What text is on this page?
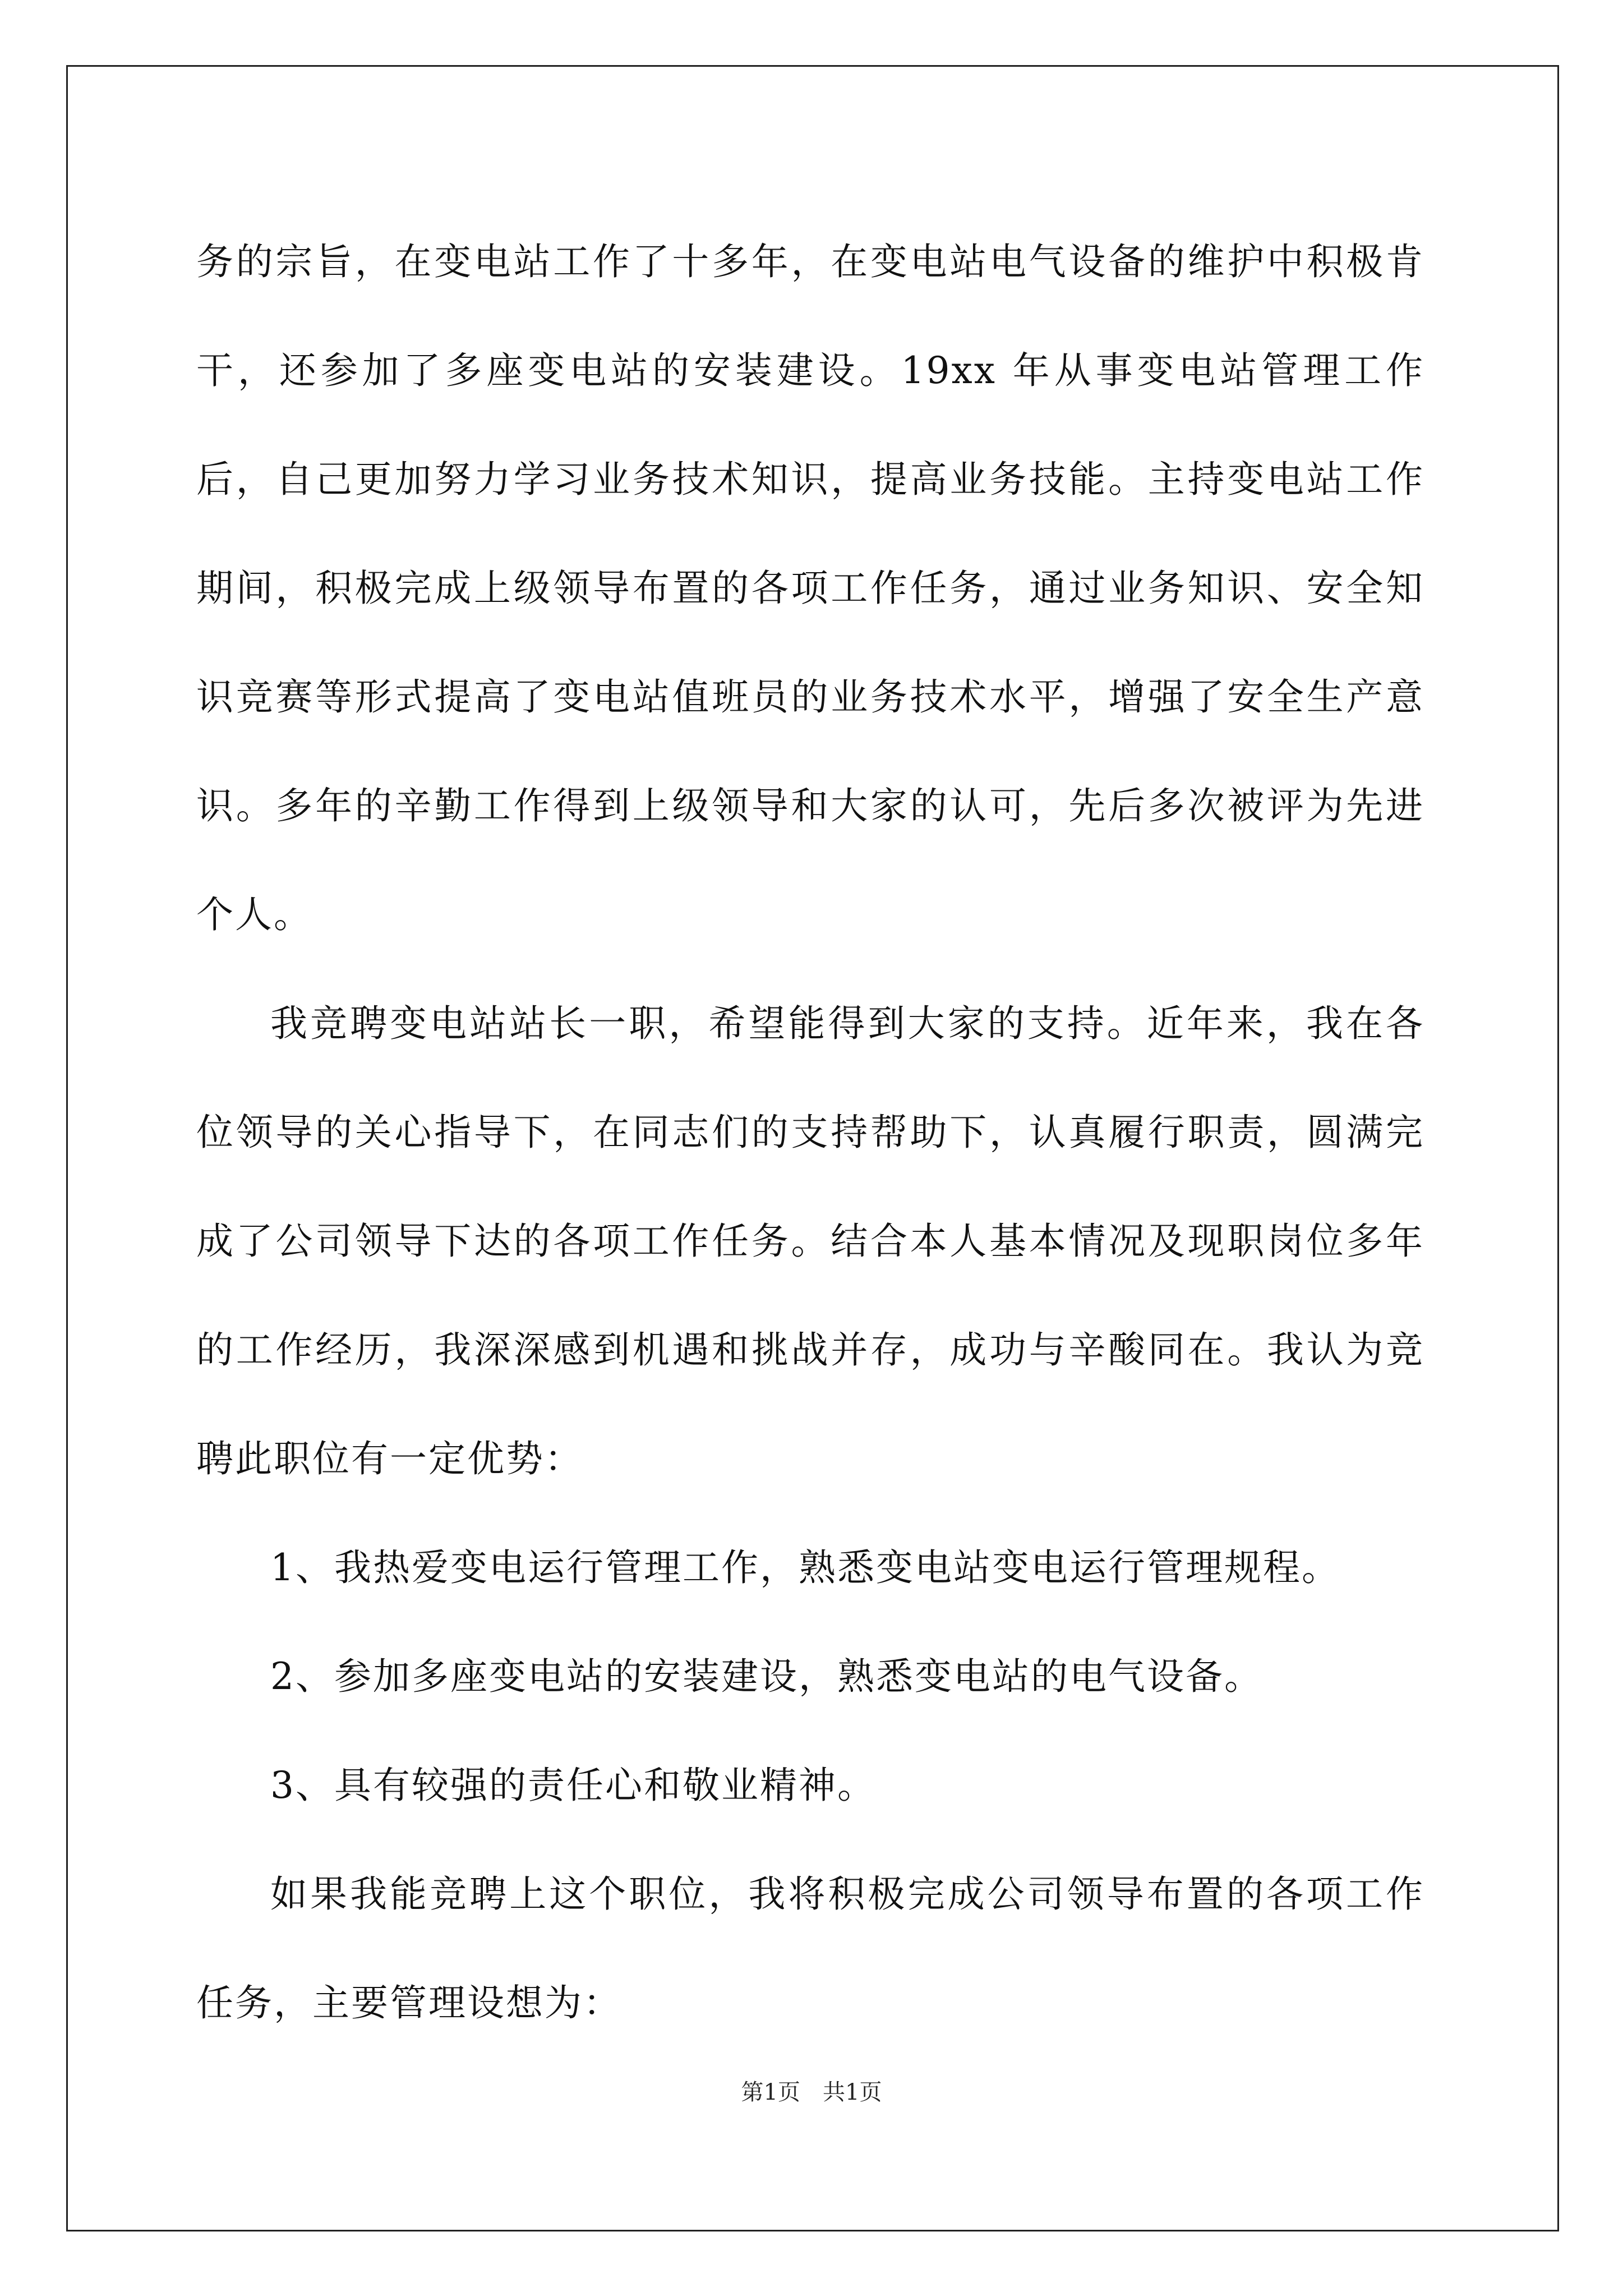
务的宗旨，在变电站工作了十多年，在变电站电气设备的维护中积极肯干，还参加了多座变电站的安装建设。19xx 年从事变电站管理工作后，自己更加努力学习业务技术知识，提高业务技能。主持变电站工作期间，积极完成上级领导布置的各项工作任务，通过业务知识、安全知识竞赛等形式提高了变电站值班员的业务技术水平，增强了安全生产意识。多年的辛勤工作得到上级领导和大家的认可，先后多次被评为先进个人。

我竞聘变电站站长一职，希望能得到大家的支持。近年来，我在各位领导的关心指导下，在同志们的支持帮助下，认真履行职责，圆满完成了公司领导下达的各项工作任务。结合本人基本情况及现职岗位多年的工作经历，我深深感到机遇和挑战并存，成功与辛酸同在。我认为竞聘此职位有一定优势：

1、我热爱变电运行管理工作，熟悉变电站变电运行管理规程。

2、参加多座变电站的安装建设，熟悉变电站的电气设备。

3、具有较强的责任心和敬业精神。

如果我能竞聘上这个职位，我将积极完成公司领导布置的各项工作任务，主要管理设想为：

第1页 共1页
